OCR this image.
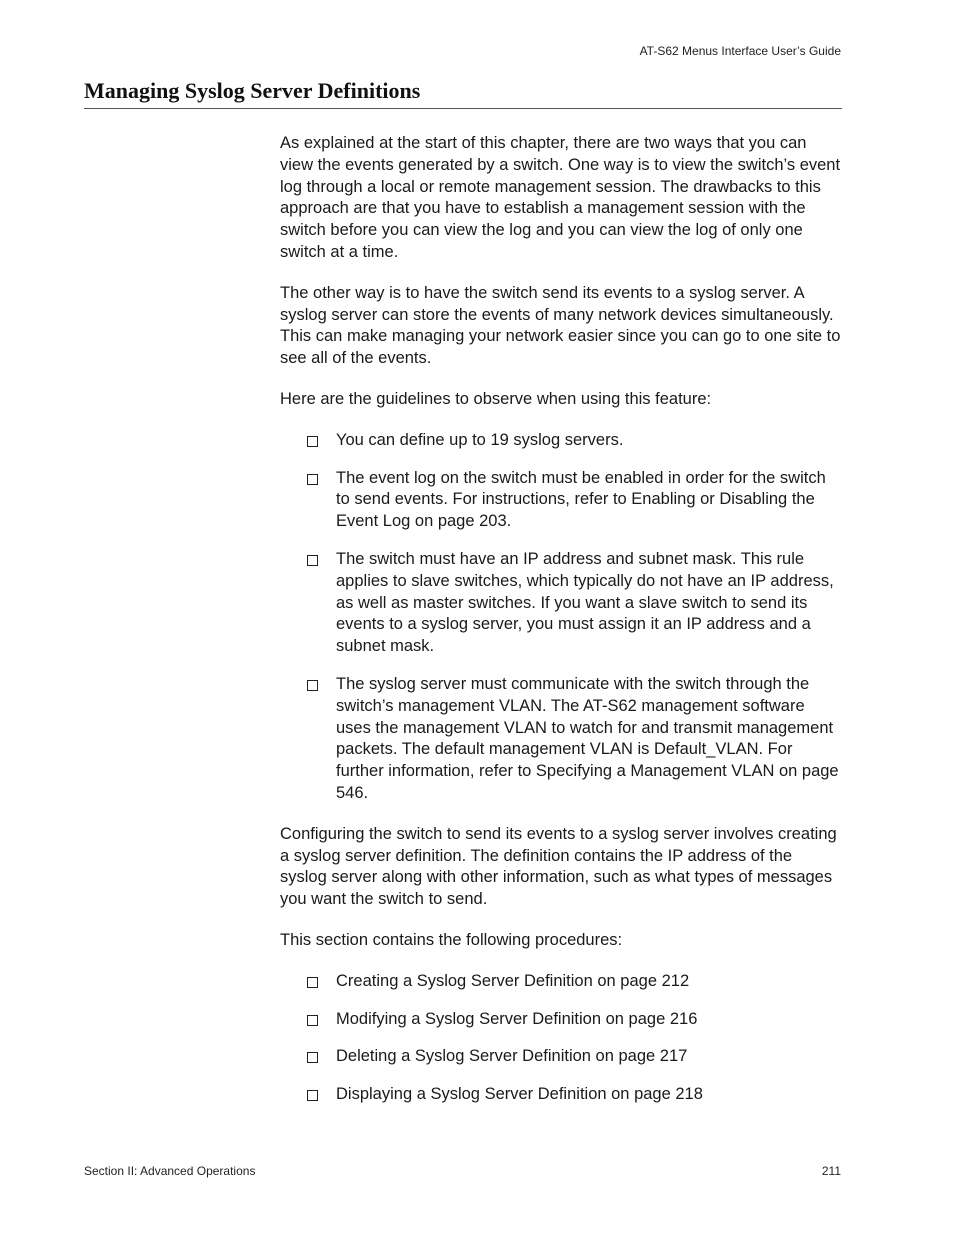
AT-S62 Menus Interface User’s Guide
Managing Syslog Server Definitions

As explained at the start of this chapter, there are two ways that you can view the events generated by a switch. One way is to view the switch’s event log through a local or remote management session. The drawbacks to this approach are that you have to establish a management session with the switch before you can view the log and you can view the log of only one switch at a time.

The other way is to have the switch send its events to a syslog server. A syslog server can store the events of many network devices simultaneously. This can make managing your network easier since you can go to one site to see all of the events.

Here are the guidelines to observe when using this feature:

You can define up to 19 syslog servers.
The event log on the switch must be enabled in order for the switch to send events. For instructions, refer to Enabling or Disabling the Event Log on page 203.
The switch must have an IP address and subnet mask. This rule applies to slave switches, which typically do not have an IP address, as well as master switches. If you want a slave switch to send its events to a syslog server, you must assign it an IP address and a subnet mask.
The syslog server must communicate with the switch through the switch’s management VLAN. The AT-S62 management software uses the management VLAN to watch for and transmit management packets. The default management VLAN is Default_VLAN. For further information, refer to Specifying a Management VLAN on page 546.

Configuring the switch to send its events to a syslog server involves creating a syslog server definition. The definition contains the IP address of the syslog server along with other information, such as what types of messages you want the switch to send.

This section contains the following procedures:

Creating a Syslog Server Definition on page 212
Modifying a Syslog Server Definition on page 216
Deleting a Syslog Server Definition on page 217
Displaying a Syslog Server Definition on page 218
Section II: Advanced Operations	211
